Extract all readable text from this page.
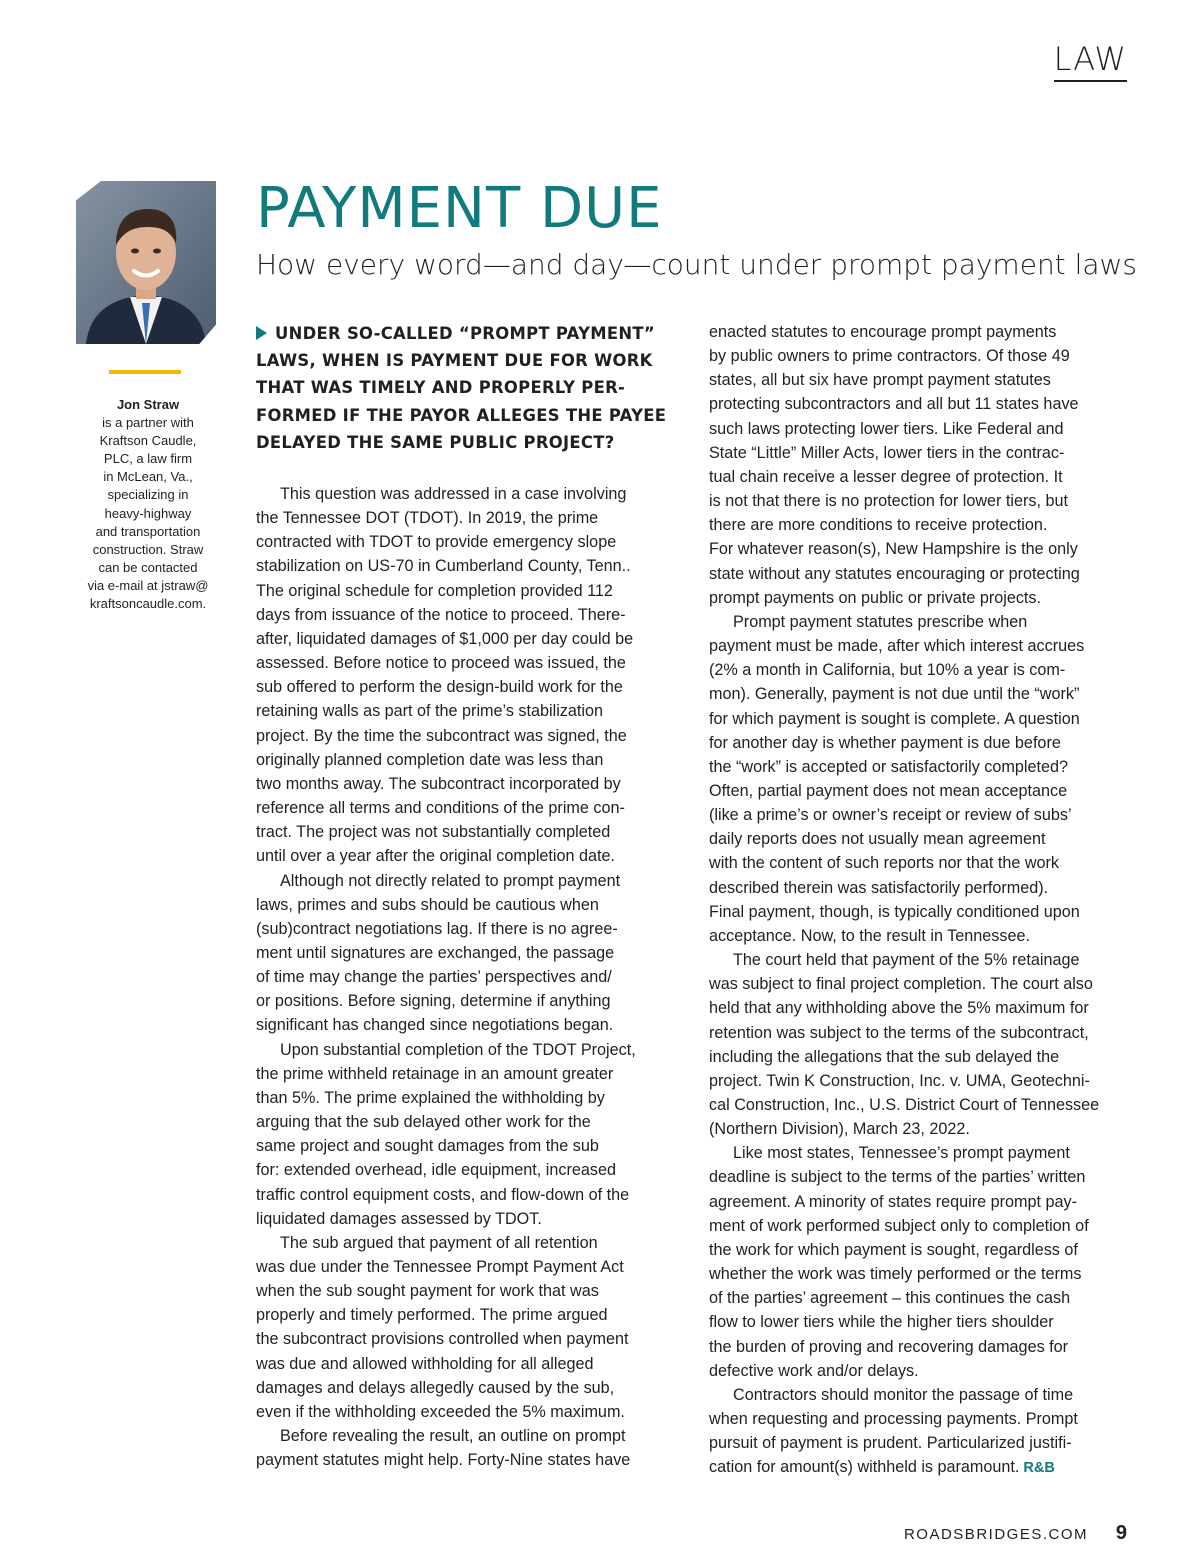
LAW
Jon Straw
is a partner with
Kraftson Caudle,
PLC, a law firm
in McLean, Va.,
specializing in
heavy-highway
and transportation
construction. Straw
can be contacted
via e-mail at jstraw@
kraftsoncaudle.com.
PAYMENT DUE
How every word—and day—count under prompt payment laws
UNDER SO-CALLED “PROMPT PAYMENT”
LAWS, WHEN IS PAYMENT DUE FOR WORK
THAT WAS TIMELY AND PROPERLY PER-
FORMED IF THE PAYOR ALLEGES THE PAYEE
DELAYED THE SAME PUBLIC PROJECT?
This question was addressed in a case involving
the Tennessee DOT (TDOT). In 2019, the prime
contracted with TDOT to provide emergency slope
stabilization on US-70 in Cumberland County, Tenn..
The original schedule for completion provided 112
days from issuance of the notice to proceed. There-
after, liquidated damages of $1,000 per day could be
assessed. Before notice to proceed was issued, the
sub offered to perform the design-build work for the
retaining walls as part of the prime’s stabilization
project. By the time the subcontract was signed, the
originally planned completion date was less than
two months away. The subcontract incorporated by
reference all terms and conditions of the prime con-
tract. The project was not substantially completed
until over a year after the original completion date.
Although not directly related to prompt payment
laws, primes and subs should be cautious when
(sub)contract negotiations lag. If there is no agree-
ment until signatures are exchanged, the passage
of time may change the parties’ perspectives and/
or positions. Before signing, determine if anything
significant has changed since negotiations began.
Upon substantial completion of the TDOT Project,
the prime withheld retainage in an amount greater
than 5%. The prime explained the withholding by
arguing that the sub delayed other work for the
same project and sought damages from the sub
for: extended overhead, idle equipment, increased
traffic control equipment costs, and flow-down of the
liquidated damages assessed by TDOT.
The sub argued that payment of all retention
was due under the Tennessee Prompt Payment Act
when the sub sought payment for work that was
properly and timely performed. The prime argued
the subcontract provisions controlled when payment
was due and allowed withholding for all alleged
damages and delays allegedly caused by the sub,
even if the withholding exceeded the 5% maximum.
Before revealing the result, an outline on prompt
payment statutes might help. Forty-Nine states have
enacted statutes to encourage prompt payments
by public owners to prime contractors. Of those 49
states, all but six have prompt payment statutes
protecting subcontractors and all but 11 states have
such laws protecting lower tiers. Like Federal and
State “Little” Miller Acts, lower tiers in the contrac-
tual chain receive a lesser degree of protection. It
is not that there is no protection for lower tiers, but
there are more conditions to receive protection.
For whatever reason(s), New Hampshire is the only
state without any statutes encouraging or protecting
prompt payments on public or private projects.
Prompt payment statutes prescribe when
payment must be made, after which interest accrues
(2% a month in California, but 10% a year is com-
mon). Generally, payment is not due until the “work”
for which payment is sought is complete. A question
for another day is whether payment is due before
the “work” is accepted or satisfactorily completed?
Often, partial payment does not mean acceptance
(like a prime’s or owner’s receipt or review of subs’
daily reports does not usually mean agreement
with the content of such reports nor that the work
described therein was satisfactorily performed).
Final payment, though, is typically conditioned upon
acceptance. Now, to the result in Tennessee.
The court held that payment of the 5% retainage
was subject to final project completion. The court also
held that any withholding above the 5% maximum for
retention was subject to the terms of the subcontract,
including the allegations that the sub delayed the
project. Twin K Construction, Inc. v. UMA, Geotechni-
cal Construction, Inc., U.S. District Court of Tennessee
(Northern Division), March 23, 2022.
Like most states, Tennessee’s prompt payment
deadline is subject to the terms of the parties’ written
agreement. A minority of states require prompt pay-
ment of work performed subject only to completion of
the work for which payment is sought, regardless of
whether the work was timely performed or the terms
of the parties’ agreement – this continues the cash
flow to lower tiers while the higher tiers shoulder
the burden of proving and recovering damages for
defective work and/or delays.
Contractors should monitor the passage of time
when requesting and processing payments. Prompt
pursuit of payment is prudent. Particularized justifi-
cation for amount(s) withheld is paramount. R&B
ROADSBRIDGES.COM 9
